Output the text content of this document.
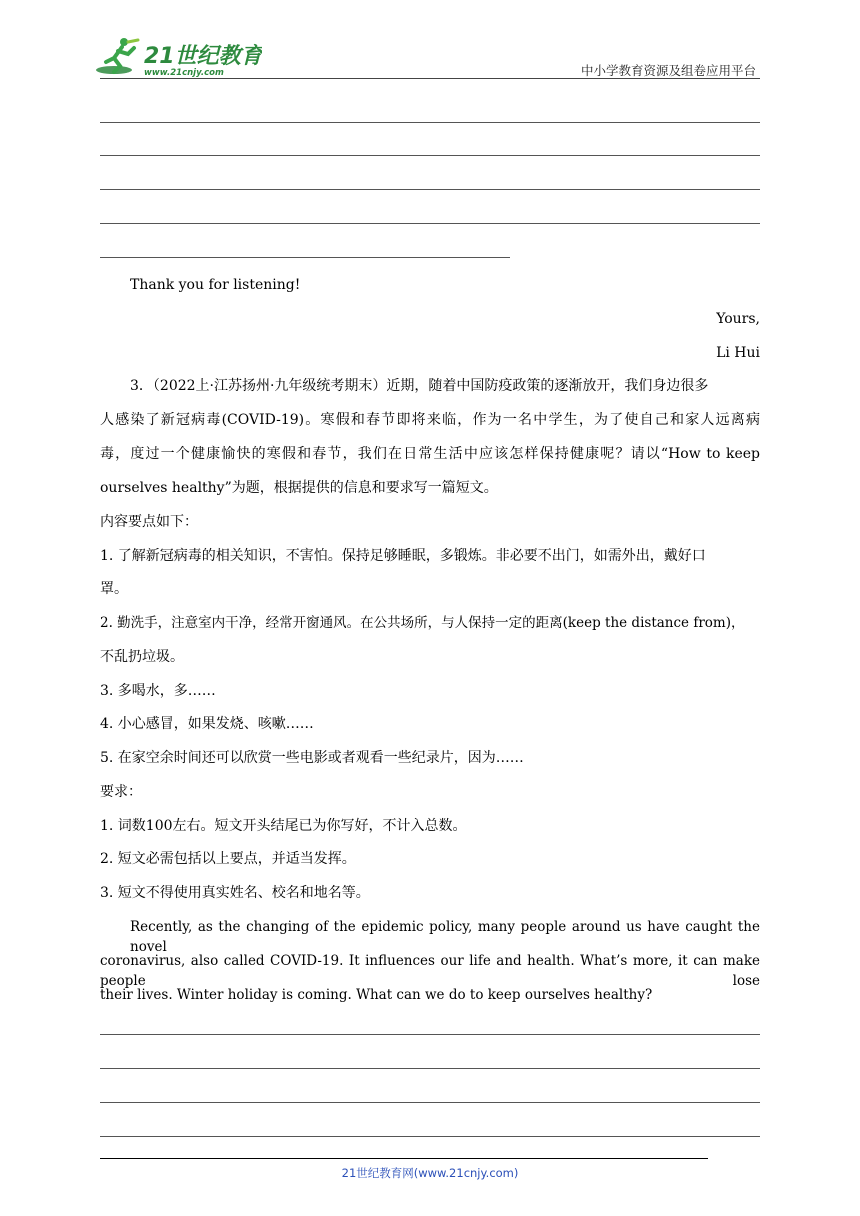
21世纪教育
www.21cnjy.com	中小学教育资源及组卷应用平台
Thank you for listening!
Yours,
Li Hui
3．（2022上·江苏扬州·九年级统考期末）近期，随着中国防疫政策的逐渐放开，我们身边很多
人感染了新冠病毒(COVID-19)。寒假和春节即将来临，作为一名中学生，为了使自己和家人远离病
毒，度过一个健康愉快的寒假和春节，我们在日常生活中应该怎样保持健康呢？请以“How to keep
ourselves healthy”为题，根据提供的信息和要求写一篇短文。
内容要点如下：
1. 了解新冠病毒的相关知识，不害怕。保持足够睡眠，多锻炼。非必要不出门，如需外出，戴好口
罩。
2. 勤洗手，注意室内干净，经常开窗通风。在公共场所，与人保持一定的距离(keep the distance from)，
不乱扔垃圾。
3. 多喝水，多……
4. 小心感冒，如果发烧、咳嗽……
5. 在家空余时间还可以欣赏一些电影或者观看一些纪录片，因为……
要求：
1. 词数100左右。短文开头结尾已为你写好，不计入总数。
2. 短文必需包括以上要点，并适当发挥。
3. 短文不得使用真实姓名、校名和地名等。
Recently, as the changing of the epidemic policy, many people around us have caught the novel
coronavirus, also called COVID-19. It influences our life and health. What’s more, it can make people lose
their lives. Winter holiday is coming. What can we do to keep ourselves healthy?
21世纪教育网(www.21cnjy.com)
